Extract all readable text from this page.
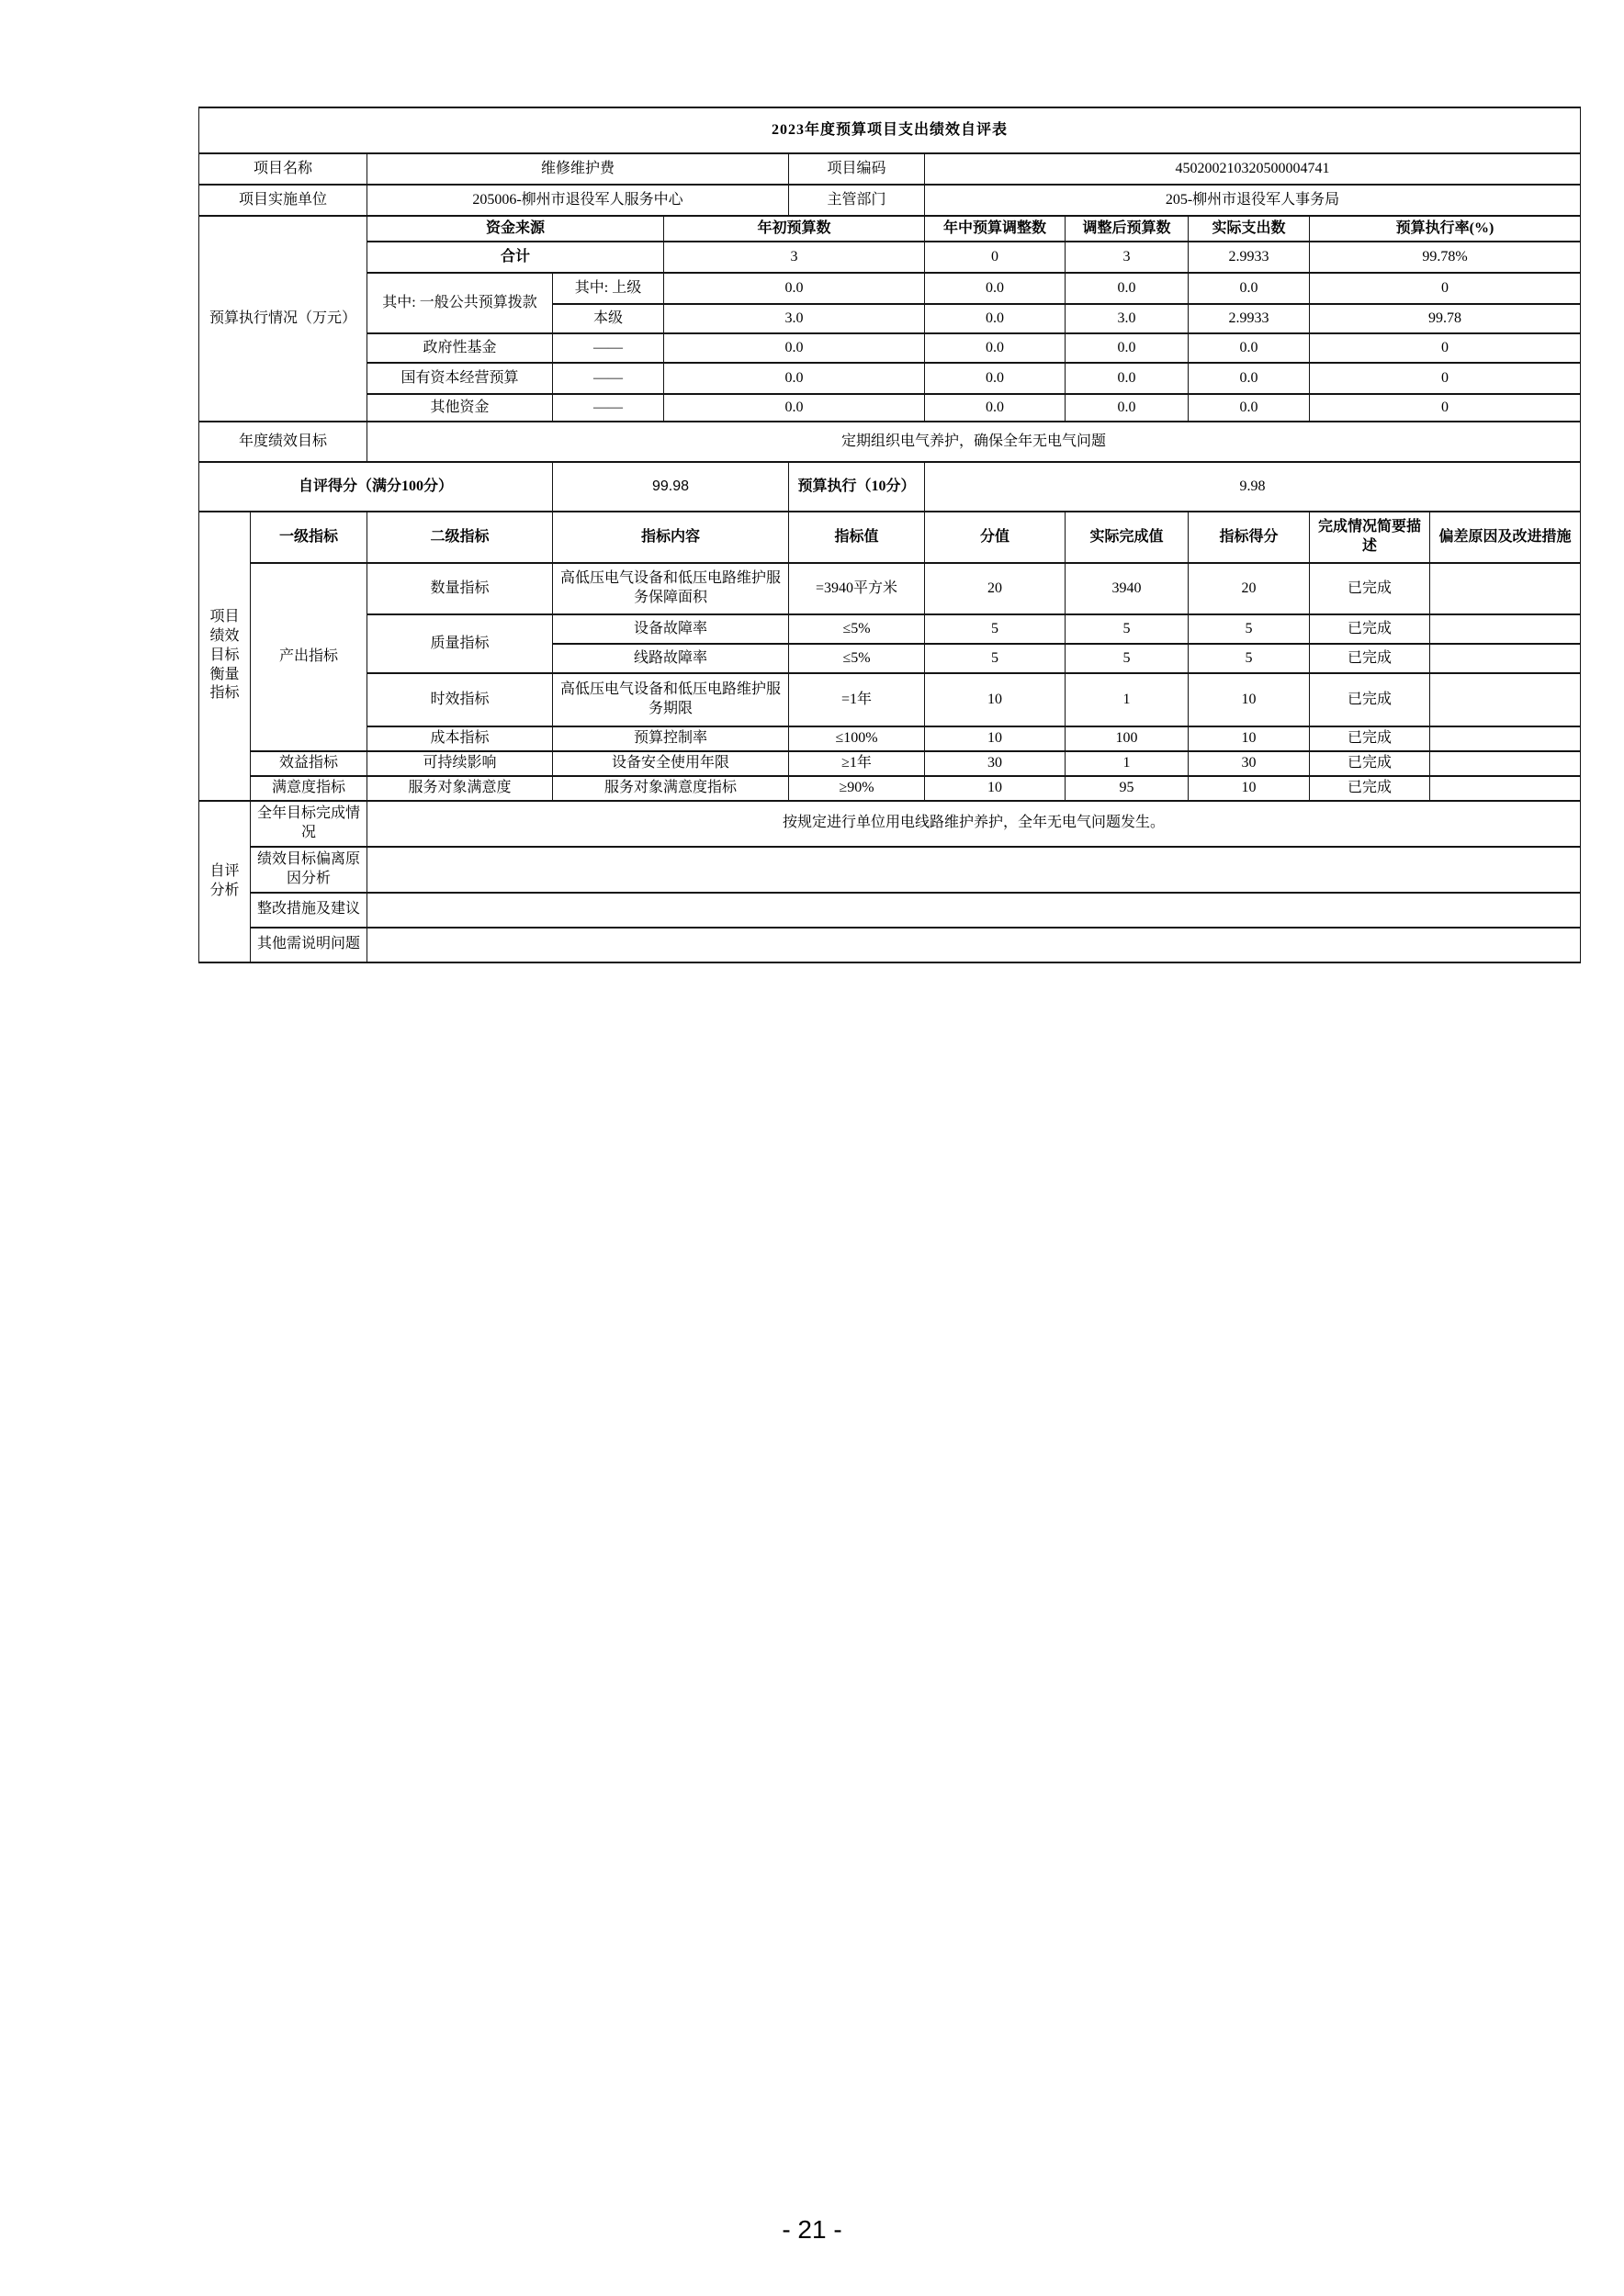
2023年度预算项目支出绩效自评表										
项目名称		维修维护费			项目编码	450200210320500004741				
项目实施单位		205006-柳州市退役军人服务中心			主管部门	205-柳州市退役军人事务局				
预算执行情况（万元）		资金来源		年初预算数		年中预算调整数	调整后预算数	实际支出数	预算执行率(%)	
		合计		3		0	3	2.9933	99.78%	
		其中: 一般公共预算拨款	其中: 上级	0.0		0.0	0.0	0.0	0	
			本级	3.0		0.0	3.0	2.9933	99.78	
		政府性基金	——	0.0		0.0	0.0	0.0	0	
		国有资本经营预算	——	0.0		0.0	0.0	0.0	0	
		其他资金	——	0.0		0.0	0.0	0.0	0	
年度绩效目标		定期组织电气养护，确保全年无电气问题								
自评得分（满分100分）			99.98		预算执行（10分）	9.98				
项目绩效目标衡量指标	一级指标	二级指标	指标内容		指标值	分值	实际完成值	指标得分	完成情况简要描述	偏差原因及改进措施
	产出指标	数量指标	高低压电气设备和低压电路维护服务保障面积		=3940平方米	20	3940	20	已完成	
		质量指标	设备故障率		≤5%	5	5	5	已完成	
			线路故障率		≤5%	5	5	5	已完成	
		时效指标	高低压电气设备和低压电路维护服务期限		=1年	10	1	10	已完成	
		成本指标	预算控制率		≤100%	10	100	10	已完成	
	效益指标	可持续影响	设备安全使用年限		≥1年	30	1	30	已完成	
	满意度指标	服务对象满意度	服务对象满意度指标		≥90%	10	95	10	已完成	
自评分析	全年目标完成情况	按规定进行单位用电线路维护养护，全年无电气问题发生。								
	绩效目标偏离原因分析									
	整改措施及建议									
	其他需说明问题									
- 21 -
